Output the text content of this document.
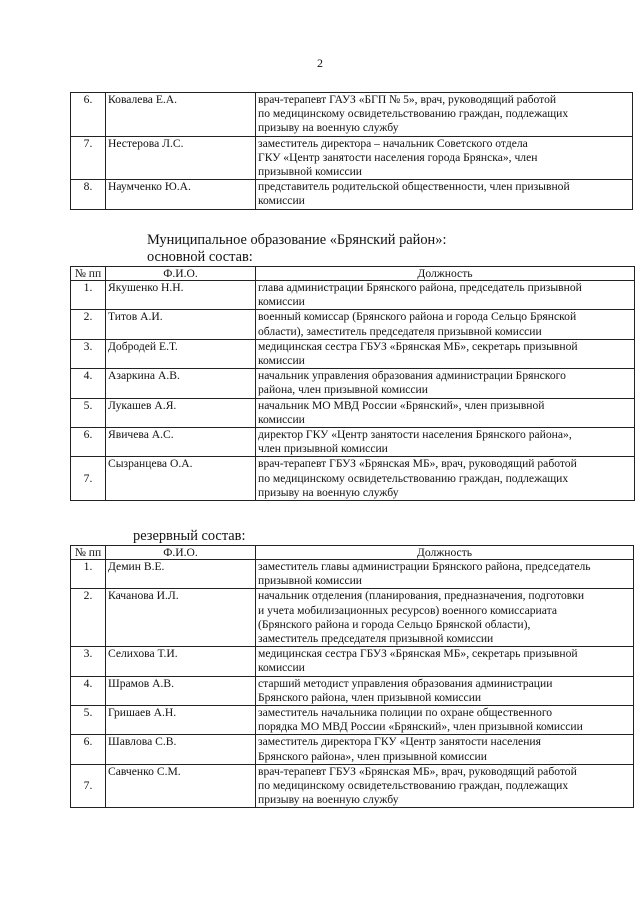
2
6.	Ковалева Е.А.	врач-терапевт ГАУЗ «БГП № 5», врач, руководящий работой
по медицинскому освидетельствованию граждан, подлежащих
призыву на военную службу

7.	Нестерова Л.С.	заместитель директора – начальник Советского отдела
ГКУ «Центр занятости населения города Брянска», член
призывной комиссии

8.	Наумченко Ю.А.	представитель родительской общественности, член призывной
комиссии
Муниципальное образование «Брянский район»:
основной состав:
№ пп	Ф.И.О.	Должность
1.	Якушенко Н.Н.	глава администрации Брянского района, председатель призывной
комиссии

2.	Титов А.И.	военный комиссар (Брянского района и города Сельцо Брянской
области), заместитель председателя призывной комиссии

3.	Добродей Е.Т.	медицинская сестра ГБУЗ «Брянская МБ», секретарь призывной
комиссии

4.	Азаркина А.В.	начальник управления образования администрации Брянского
района, член призывной комиссии

5.	Лукашев А.Я.	начальник МО МВД России «Брянский», член призывной
комиссии

6.	Явичева А.С.	директор ГКУ «Центр занятости населения Брянского района»,
член призывной комиссии

7.	Сызранцева О.А.	врач-терапевт ГБУЗ «Брянская МБ», врач, руководящий работой
по медицинскому освидетельствованию граждан, подлежащих
призыву на военную службу
резервный состав:
№ пп	Ф.И.О.	Должность
1.	Демин В.Е.	заместитель главы администрации Брянского района, председатель
призывной комиссии

2.	Качанова И.Л.	начальник отделения (планирования, предназначения, подготовки
и учета мобилизационных ресурсов) военного комиссариата
(Брянского района и города Сельцо Брянской области),
заместитель председателя призывной комиссии

3.	Селихова Т.И.	медицинская сестра ГБУЗ «Брянская МБ», секретарь призывной
комиссии

4.	Шрамов А.В.	старший методист управления образования администрации
Брянского района, член призывной комиссии

5.	Гришаев А.Н.	заместитель начальника полиции по охране общественного
порядка МО МВД России «Брянский», член призывной комиссии

6.	Шавлова С.В.	заместитель директора ГКУ «Центр занятости населения
Брянского района», член призывной комиссии

7.	Савченко С.М.	врач-терапевт ГБУЗ «Брянская МБ», врач, руководящий работой
по медицинскому освидетельствованию граждан, подлежащих
призыву на военную службу
